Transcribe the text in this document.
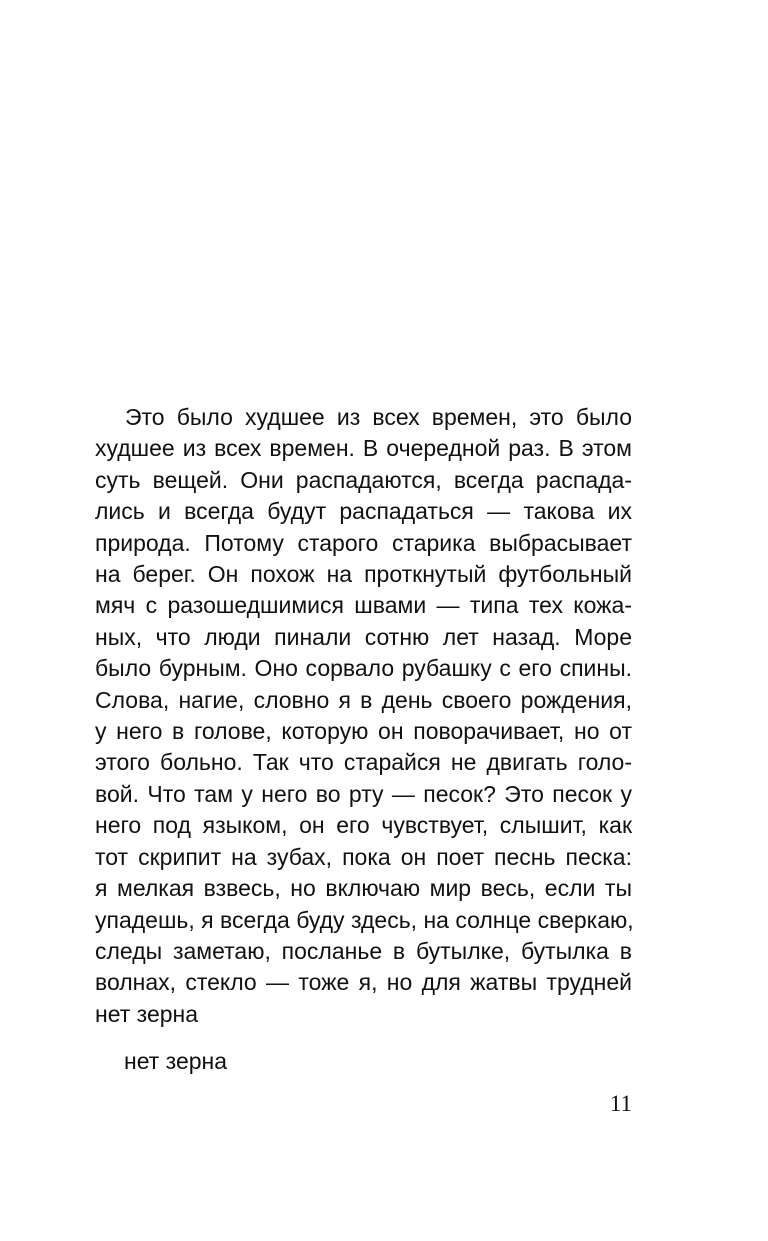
Это было худшее из всех времен, это было
худшее из всех времен. В очередной раз. В этом
суть вещей. Они распадаются, всегда распада-
лись и всегда будут распадаться — такова их
природа. Потому старого старика выбрасывает
на берег. Он похож на проткнутый футбольный
мяч с разошедшимися швами — типа тех кожа-
ных, что люди пинали сотню лет назад. Море
было бурным. Оно сорвало рубашку с его спины.
Слова, нагие, словно я в день своего рождения,
у него в голове, которую он поворачивает, но от
этого больно. Так что старайся не двигать голо-
вой. Что там у него во рту — песок? Это песок у
него под языком, он его чувствует, слышит, как
тот скрипит на зубах, пока он поет песнь песка:
я мелкая взвесь, но включаю мир весь, если ты
упадешь, я всегда буду здесь, на солнце сверкаю,
следы заметаю, посланье в бутылке, бутылка в
волнах, стекло — тоже я, но для жатвы трудней
нет зерна
нет зерна
11
